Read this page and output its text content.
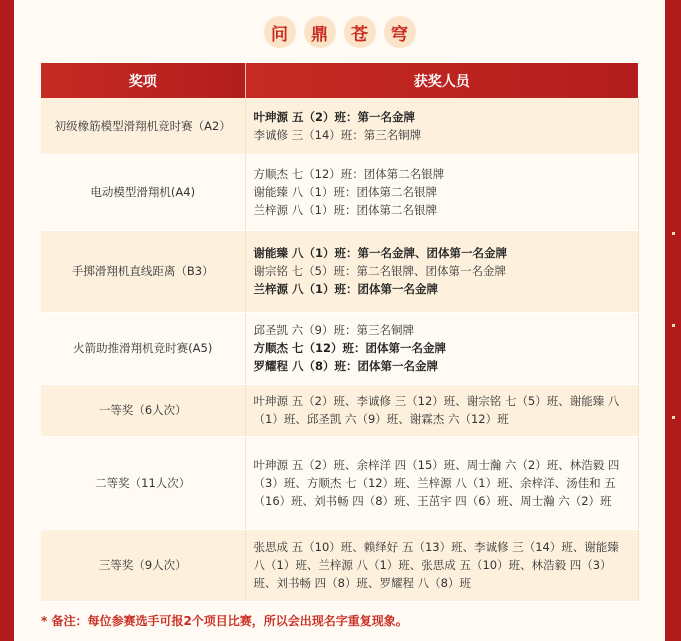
问	鼎	苍	穹
奖项	获奖人员
初级橡筋模型滑翔机竞时赛（A2）	叶珅源 五（2）班：第一名金牌
李诚修 三（14）班：第三名铜牌

电动模型滑翔机(A4)	方顺杰 七（12）班：团体第二名银牌
谢能臻 八（1）班：团体第二名银牌
兰梓源 八（1）班：团体第二名银牌

手掷滑翔机直线距离（B3）	谢能臻 八（1）班：第一名金牌、团体第一名金牌
谢宗铭 七（5）班：第二名银牌、团体第一名金牌
兰梓源 八（1）班：团体第一名金牌

火箭助推滑翔机竞时赛(A5)	邱圣凯 六（9）班：第三名铜牌
方顺杰 七（12）班：团体第一名金牌
罗耀程 八（8）班：团体第一名金牌

一等奖（6人次）	叶珅源 五（2）班、李诚修 三（12）班、谢宗铭 七（5）班、谢能臻 八（1）班、邱圣凯 六（9）班、谢霖杰 六（12）班

二等奖（11人次）	叶珅源 五（2）班、余梓洋 四（15）班、周士瀚 六（2）班、林浩毅 四（3）班、方顺杰 七（12）班、兰梓源 八（1）班、余梓洋、汤佳和 五（16）班、刘书畅 四（8）班、王茁宇 四（6）班、周士瀚 六（2）班

三等奖（9人次）	张思成 五（10）班、赖绎好 五（13）班、李诚修 三（14）班、谢能臻 八（1）班、兰梓源 八（1）班、张思成 五（10）班、林浩毅 四（3）班、刘书畅 四（8）班、罗耀程 八（8）班
* 备注：每位参赛选手可报2个项目比赛，所以会出现名字重复现象。
